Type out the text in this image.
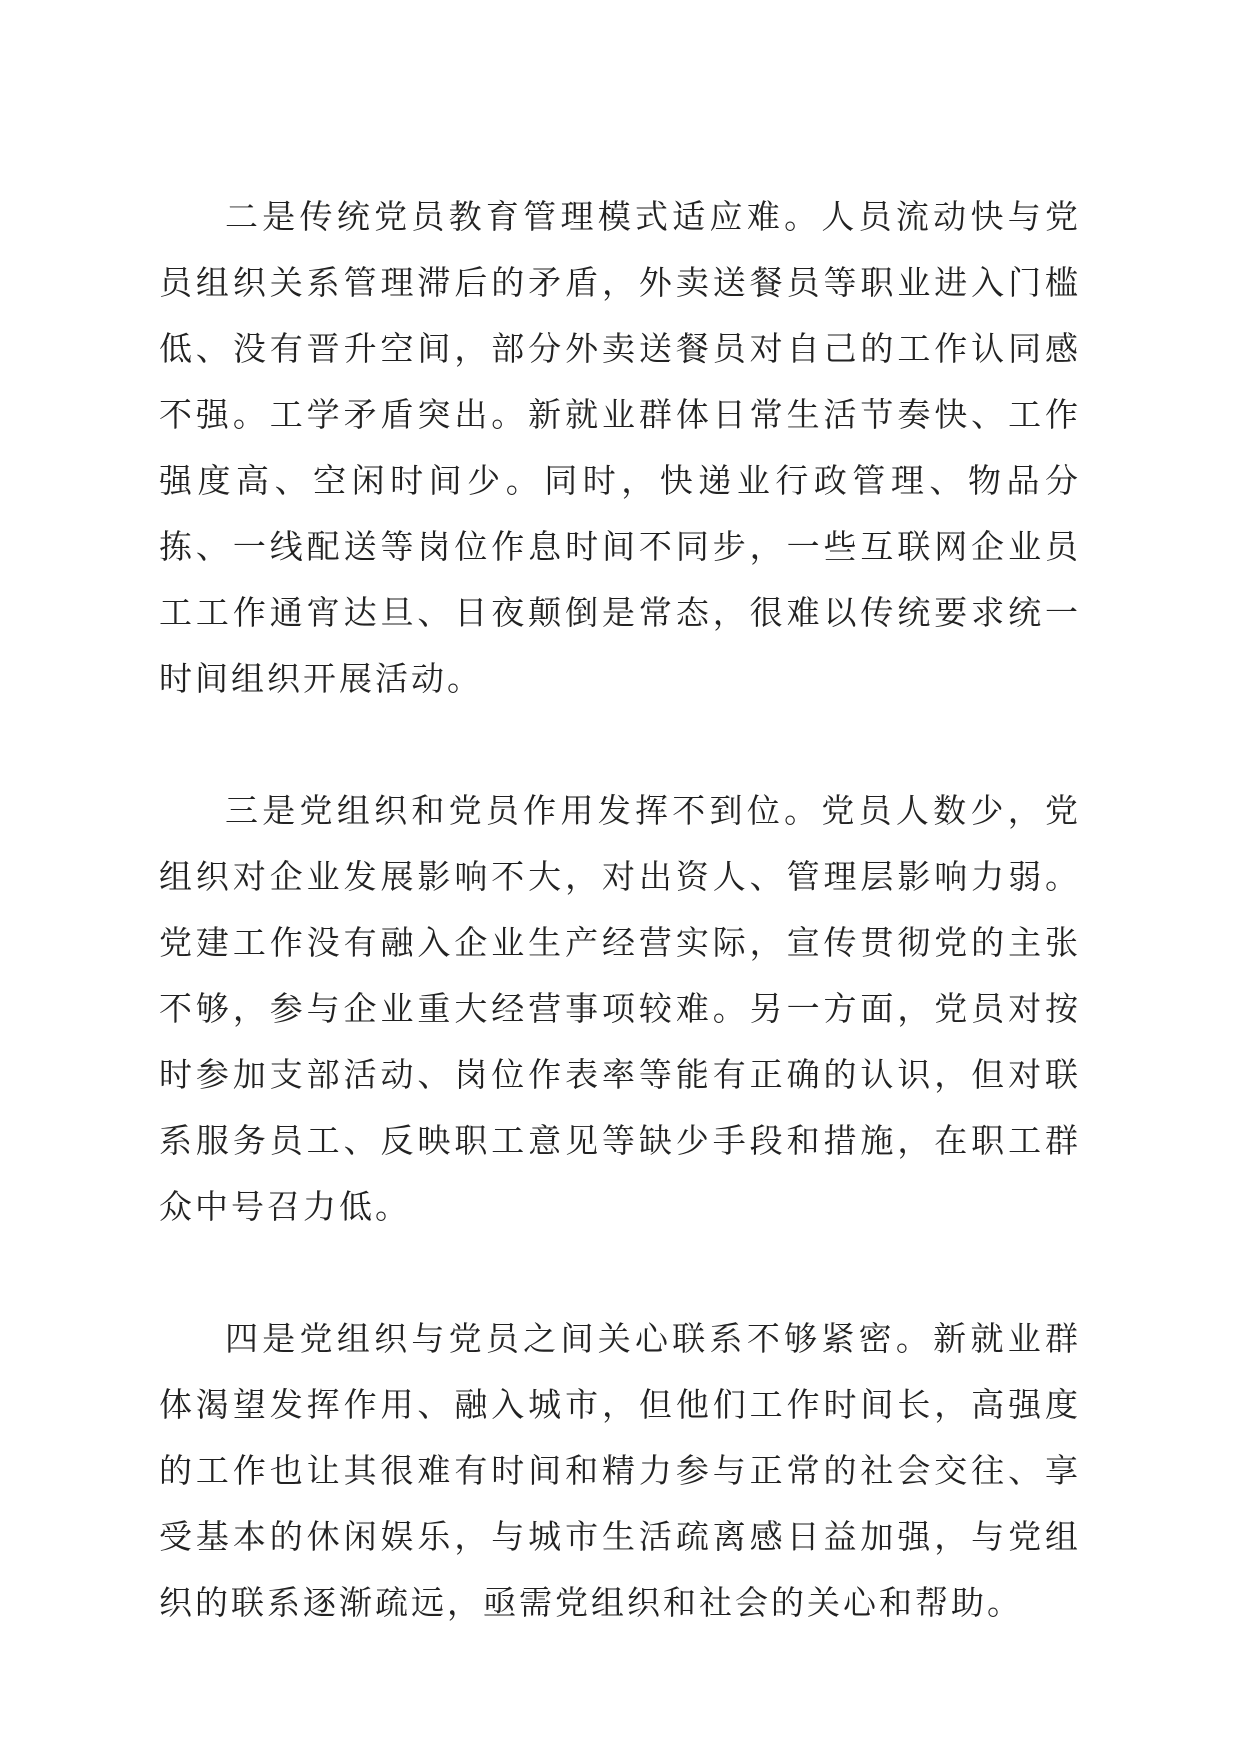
二是传统党员教育管理模式适应难。人员流动快与党员组织关系管理滞后的矛盾，外卖送餐员等职业进入门槛低、没有晋升空间，部分外卖送餐员对自己的工作认同感不强。工学矛盾突出。新就业群体日常生活节奏快、工作强度高、空闲时间少。同时，快递业行政管理、物品分拣、一线配送等岗位作息时间不同步，一些互联网企业员工工作通宵达旦、日夜颠倒是常态，很难以传统要求统一时间组织开展活动。

三是党组织和党员作用发挥不到位。党员人数少，党组织对企业发展影响不大，对出资人、管理层影响力弱。党建工作没有融入企业生产经营实际，宣传贯彻党的主张不够，参与企业重大经营事项较难。另一方面，党员对按时参加支部活动、岗位作表率等能有正确的认识，但对联系服务员工、反映职工意见等缺少手段和措施，在职工群众中号召力低。

四是党组织与党员之间关心联系不够紧密。新就业群体渴望发挥作用、融入城市，但他们工作时间长，高强度的工作也让其很难有时间和精力参与正常的社会交往、享受基本的休闲娱乐，与城市生活疏离感日益加强，与党组织的联系逐渐疏远，亟需党组织和社会的关心和帮助。
